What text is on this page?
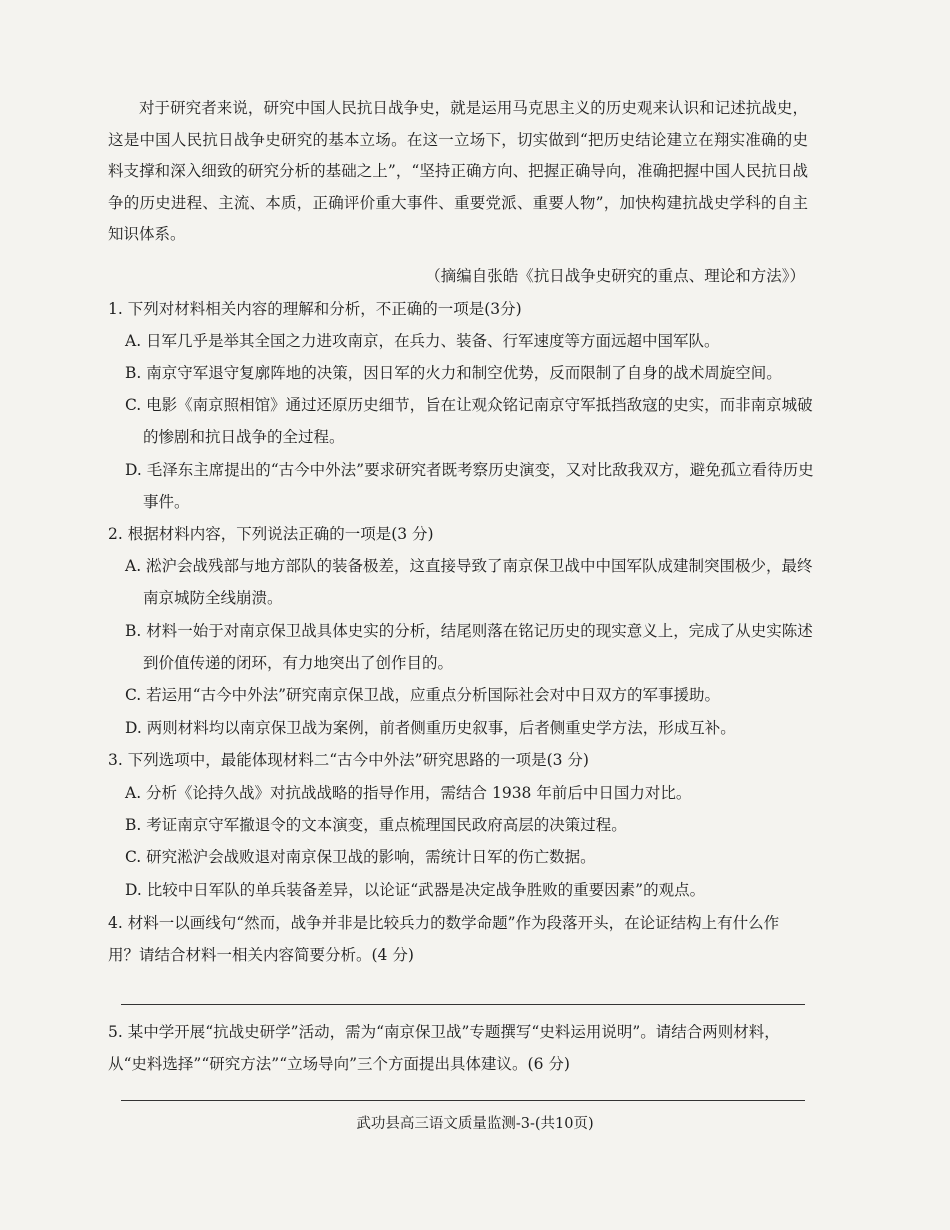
对于研究者来说，研究中国人民抗日战争史，就是运用马克思主义的历史观来认识和记述抗战史，这是中国人民抗日战争史研究的基本立场。在这一立场下，切实做到“把历史结论建立在翔实准确的史料支撑和深入细致的研究分析的基础之上”，“坚持正确方向、把握正确导向，准确把握中国人民抗日战争的历史进程、主流、本质，正确评价重大事件、重要党派、重要人物”，加快构建抗战史学科的自主知识体系。

（摘编自张皓《抗日战争史研究的重点、理论和方法》）

1. 下列对材料相关内容的理解和分析，不正确的一项是(3分)

A. 日军几乎是举其全国之力进攻南京，在兵力、装备、行军速度等方面远超中国军队。

B. 南京守军退守复廓阵地的决策，因日军的火力和制空优势，反而限制了自身的战术周旋空间。

C. 电影《南京照相馆》通过还原历史细节，旨在让观众铭记南京守军抵挡敌寇的史实，而非南京城破的惨剧和抗日战争的全过程。

D. 毛泽东主席提出的“古今中外法”要求研究者既考察历史演变，又对比敌我双方，避免孤立看待历史事件。

2. 根据材料内容，下列说法正确的一项是(3 分)

A. 淞沪会战残部与地方部队的装备极差，这直接导致了南京保卫战中中国军队成建制突围极少，最终南京城防全线崩溃。

B. 材料一始于对南京保卫战具体史实的分析，结尾则落在铭记历史的现实意义上，完成了从史实陈述到价值传递的闭环，有力地突出了创作目的。

C. 若运用“古今中外法”研究南京保卫战，应重点分析国际社会对中日双方的军事援助。

D. 两则材料均以南京保卫战为案例，前者侧重历史叙事，后者侧重史学方法，形成互补。

3. 下列选项中，最能体现材料二“古今中外法”研究思路的一项是(3 分)

A. 分析《论持久战》对抗战战略的指导作用，需结合 1938 年前后中日国力对比。

B. 考证南京守军撤退令的文本演变，重点梳理国民政府高层的决策过程。

C. 研究淞沪会战败退对南京保卫战的影响，需统计日军的伤亡数据。

D. 比较中日军队的单兵装备差异，以论证“武器是决定战争胜败的重要因素”的观点。

4. 材料一以画线句“然而，战争并非是比较兵力的数学命题”作为段落开头，在论证结构上有什么作用？请结合材料一相关内容简要分析。(4 分)

5. 某中学开展“抗战史研学”活动，需为“南京保卫战”专题撰写“史料运用说明”。请结合两则材料，从“史料选择”“研究方法”“立场导向”三个方面提出具体建议。(6 分)

武功县高三语文质量监测-3-(共10页)
